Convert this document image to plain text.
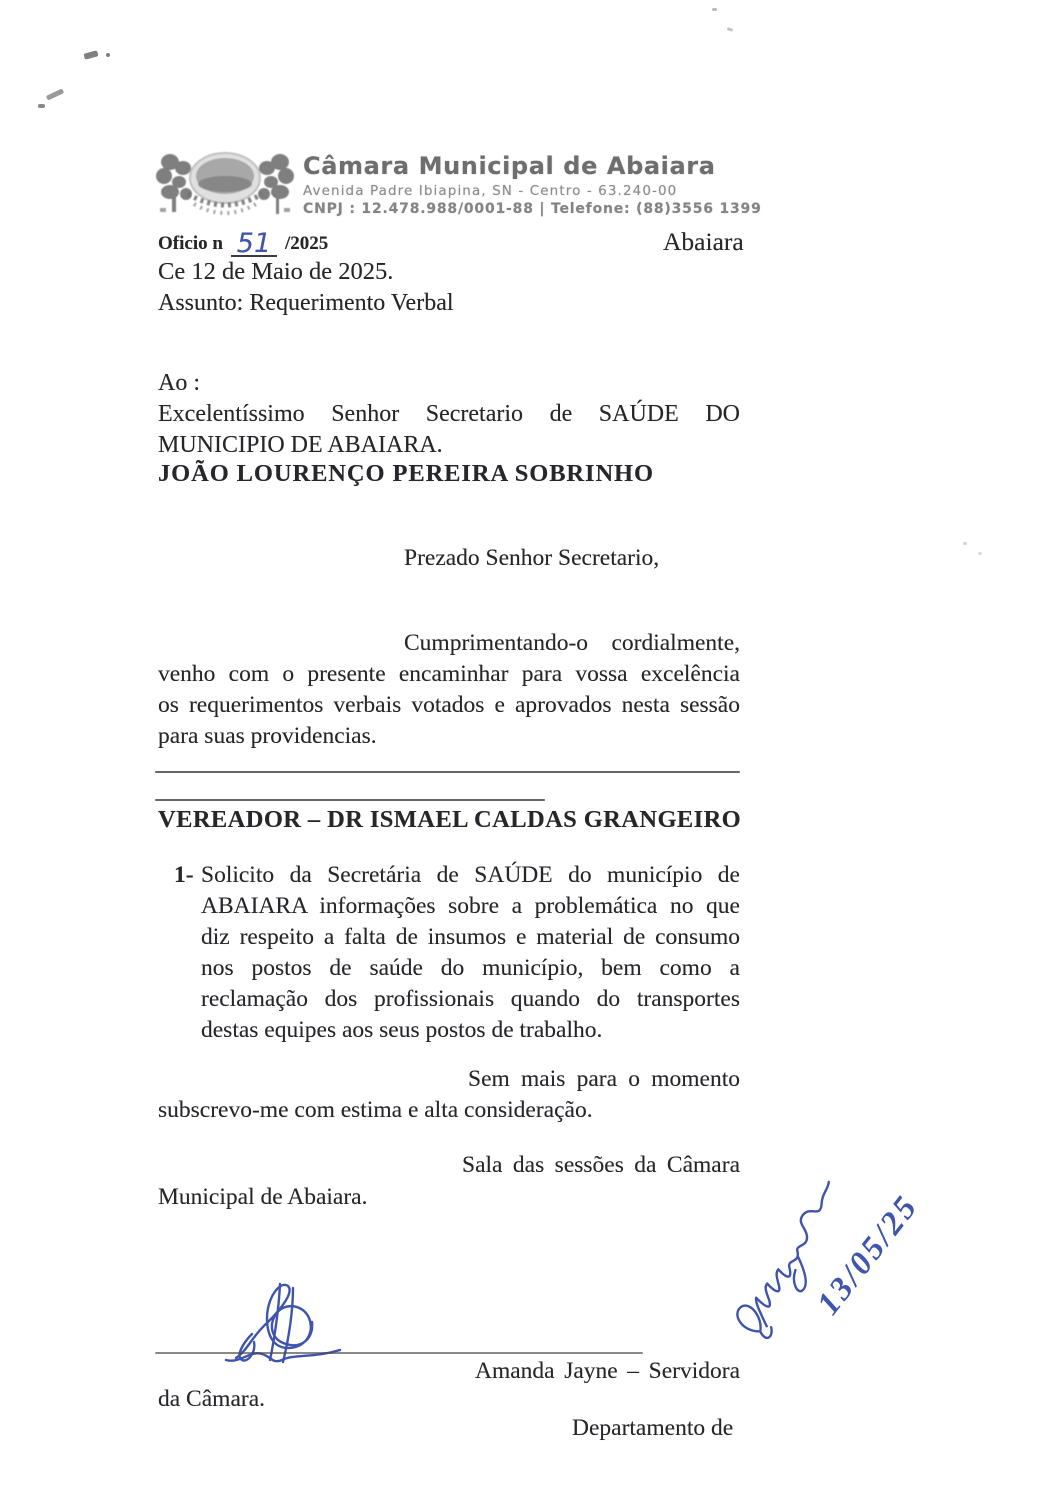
Câmara Municipal de Abaiara
Avenida Padre Ibiapina, SN - Centro - 63.240-00
CNPJ : 12.478.988/0001-88 | Telefone: (88)3556 1399
Oficio n 51 /2025	Abaiara
Ce 12 de Maio de 2025.
Assunto: Requerimento Verbal
Ao :
Excelentíssimo Senhor Secretario de SAÚDE DO
MUNICIPIO DE ABAIARA.
JOÃO LOURENÇO PEREIRA SOBRINHO
Prezado Senhor Secretario,
Cumprimentando-o cordialmente,
venho com o presente encaminhar para vossa excelência
os requerimentos verbais votados e aprovados nesta sessão
para suas providencias.
VEREADOR – DR ISMAEL CALDAS GRANGEIRO
1- Solicito da Secretária de SAÚDE do município de
ABAIARA informações sobre a problemática no que
diz respeito a falta de insumos e material de consumo
nos postos de saúde do município, bem como a
reclamação dos profissionais quando do transportes
destas equipes aos seus postos de trabalho.
Sem mais para o momento
subscrevo-me com estima e alta consideração.
Sala das sessões da Câmara
Municipal de Abaiara.
Amanda Jayne – Servidora
da Câmara.
Departamento de
13/05/25
